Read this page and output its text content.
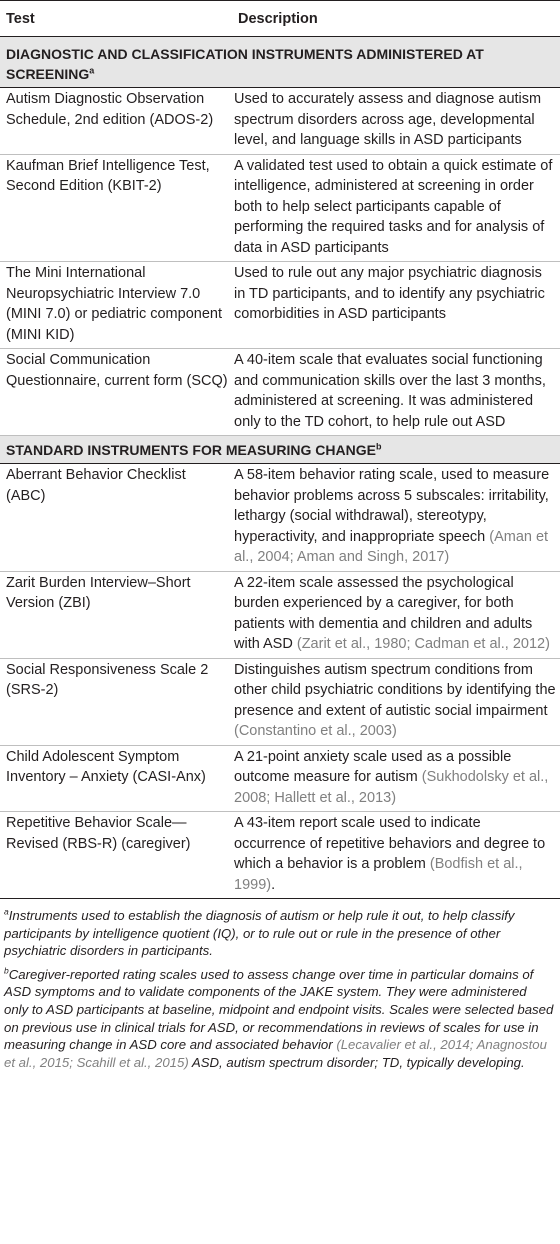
Test	Description
DIAGNOSTIC AND CLASSIFICATION INSTRUMENTS ADMINISTERED AT SCREENING$^a$
Autism Diagnostic Observation Schedule, 2nd edition (ADOS-2)	Used to accurately assess and diagnose autism spectrum disorders across age, developmental level, and language skills in ASD participants
Kaufman Brief Intelligence Test, Second Edition (KBIT-2)	A validated test used to obtain a quick estimate of intelligence, administered at screening in order both to help select participants capable of performing the required tasks and for analysis of data in ASD participants
The Mini International Neuropsychiatric Interview 7.0 (MINI 7.0) or pediatric component (MINI KID)	Used to rule out any major psychiatric diagnosis in TD participants, and to identify any psychiatric comorbidities in ASD participants
Social Communication Questionnaire, current form (SCQ)	A 40-item scale that evaluates social functioning and communication skills over the last 3 months, administered at screening. It was administered only to the TD cohort, to help rule out ASD
STANDARD INSTRUMENTS FOR MEASURING CHANGE$^b$
Aberrant Behavior Checklist (ABC)	A 58-item behavior rating scale, used to measure behavior problems across 5 subscales: irritability, lethargy (social withdrawal), stereotypy, hyperactivity, and inappropriate speech (Aman et al., 2004; Aman and Singh, 2017)
Zarit Burden Interview–Short Version (ZBI)	A 22-item scale assessed the psychological burden experienced by a caregiver, for both patients with dementia and children and adults with ASD (Zarit et al., 1980; Cadman et al., 2012)
Social Responsiveness Scale 2 (SRS-2)	Distinguishes autism spectrum conditions from other child psychiatric conditions by identifying the presence and extent of autistic social impairment (Constantino et al., 2003)
Child Adolescent Symptom Inventory – Anxiety (CASI-Anx)	A 21-point anxiety scale used as a possible outcome measure for autism (Sukhodolsky et al., 2008; Hallett et al., 2013)
Repetitive Behavior Scale—Revised (RBS-R) (caregiver)	A 43-item report scale used to indicate occurrence of repetitive behaviors and degree to which a behavior is a problem (Bodfish et al., 1999).

$^a$Instruments used to establish the diagnosis of autism or help rule it out, to help classify participants by intelligence quotient (IQ), or to rule out or rule in the presence of other psychiatric disorders in participants.

$^b$Caregiver-reported rating scales used to assess change over time in particular domains of ASD symptoms and to validate components of the JAKE system. They were administered only to ASD participants at baseline, midpoint and endpoint visits. Scales were selected based on previous use in clinical trials for ASD, or recommendations in reviews of scales for use in measuring change in ASD core and associated behavior (Lecavalier et al., 2014; Anagnostou et al., 2015; Scahill et al., 2015) ASD, autism spectrum disorder; TD, typically developing.
